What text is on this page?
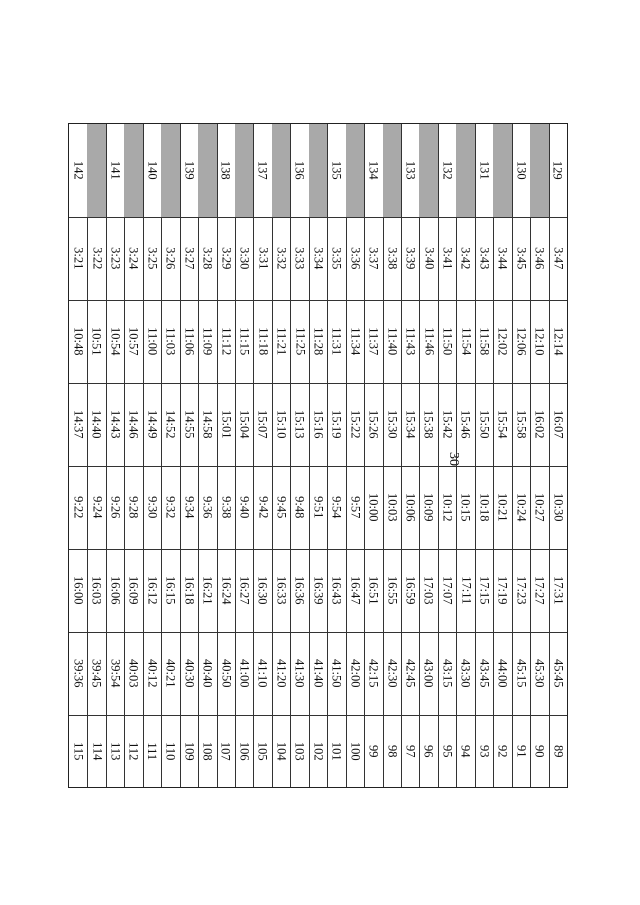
30
142
3:21
10:48
14:37
9:22
16:00
39:36
115
3:22
10:51
14:40
9:24
16:03
39:45
114
141
3:23
10:54
14:43
9:26
16:06
39:54
113
3:24
10:57
14:46
9:28
16:09
40:03
112
140
3:25
11:00
14:49
9:30
16:12
40:12
111
3:26
11:03
14:52
9:32
16:15
40:21
110
139
3:27
11:06
14:55
9:34
16:18
40:30
109
3:28
11:09
14:58
9:36
16:21
40:40
108
138
3:29
11:12
15:01
9:38
16:24
40:50
107
3:30
11:15
15:04
9:40
16:27
41:00
106
137
3:31
11:18
15:07
9:42
16:30
41:10
105
3:32
11:21
15:10
9:45
16:33
41:20
104
136
3:33
11:25
15:13
9:48
16:36
41:30
103
3:34
11:28
15:16
9:51
16:39
41:40
102
135
3:35
11:31
15:19
9:54
16:43
41:50
101
3:36
11:34
15:22
9:57
16:47
42:00
100
134
3:37
11:37
15:26
10:00
16:51
42:15
99
3:38
11:40
15:30
10:03
16:55
42:30
98
133
3:39
11:43
15:34
10:06
16:59
42:45
97
3:40
11:46
15:38
10:09
17:03
43:00
96
132
3:41
11:50
15:42
10:12
17:07
43:15
95
3:42
11:54
15:46
10:15
17:11
43:30
94
131
3:43
11:58
15:50
10:18
17:15
43:45
93
3:44
12:02
15:54
10:21
17:19
44:00
92
130
3:45
12:06
15:58
10:24
17:23
45:15
91
3:46
12:10
16:02
10:27
17:27
45:30
90
129
3:47
12:14
16:07
10:30
17:31
45:45
89
